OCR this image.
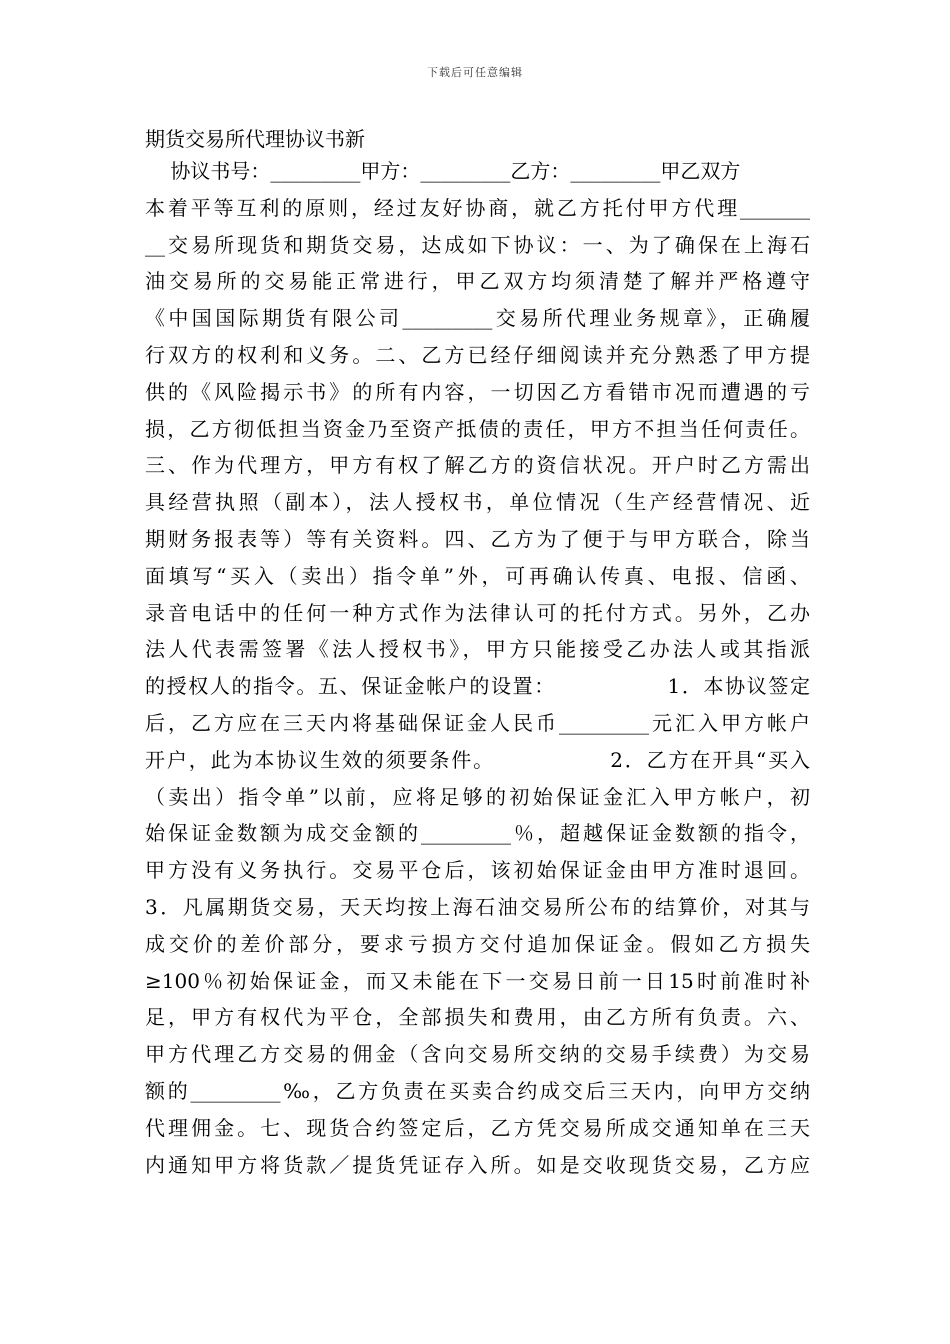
下载后可任意编辑
期货交易所代理协议书新
协议书号：_________甲方：_________乙方：_________甲乙双方
本着平等互利的原则，经过友好协商，就乙方托付甲方代理_______
__交易所现货和期货交易，达成如下协议：一、为了确保在上海石
油交易所的交易能正常进行，甲乙双方均须清楚了解并严格遵守
《中国国际期货有限公司_________交易所代理业务规章》，正确履
行双方的权利和义务。二、乙方已经仔细阅读并充分熟悉了甲方提
供的《风险揭示书》的所有内容，一切因乙方看错市况而遭遇的亏
损，乙方彻低担当资金乃至资产抵债的责任，甲方不担当任何责任。
三、作为代理方，甲方有权了解乙方的资信状况。开户时乙方需出
具经营执照（副本），法人授权书，单位情况（生产经营情况、近
期财务报表等）等有关资料。四、乙方为了便于与甲方联合，除当
面填写“买入（卖出）指令单”外，可再确认传真、电报、信函、
录音电话中的任何一种方式作为法律认可的托付方式。另外，乙办
法人代表需签署《法人授权书》，甲方只能接受乙办法人或其指派
的授权人的指令。五、保证金帐户的设置：              1．本协议签定
后，乙方应在三天内将基础保证金人民币_________元汇入甲方帐户
开户，此为本协议生效的须要条件。              2．乙方在开具“买入
（卖出）指令单”以前，应将足够的初始保证金汇入甲方帐户，初
始保证金数额为成交金额的_________％，超越保证金数额的指令，
甲方没有义务执行。交易平仓后，该初始保证金由甲方准时退回。
3．凡属期货交易，天天均按上海石油交易所公布的结算价，对其与
成交价的差价部分，要求亏损方交付追加保证金。假如乙方损失
≥100％初始保证金，而又未能在下一交易日前一日15时前准时补
足，甲方有权代为平仓，全部损失和费用，由乙方所有负责。六、
甲方代理乙方交易的佣金（含向交易所交纳的交易手续费）为交易
额的_________‰，乙方负责在买卖合约成交后三天内，向甲方交纳
代理佣金。七、现货合约签定后，乙方凭交易所成交通知单在三天
内通知甲方将货款／提货凭证存入所。如是交收现货交易，乙方应
